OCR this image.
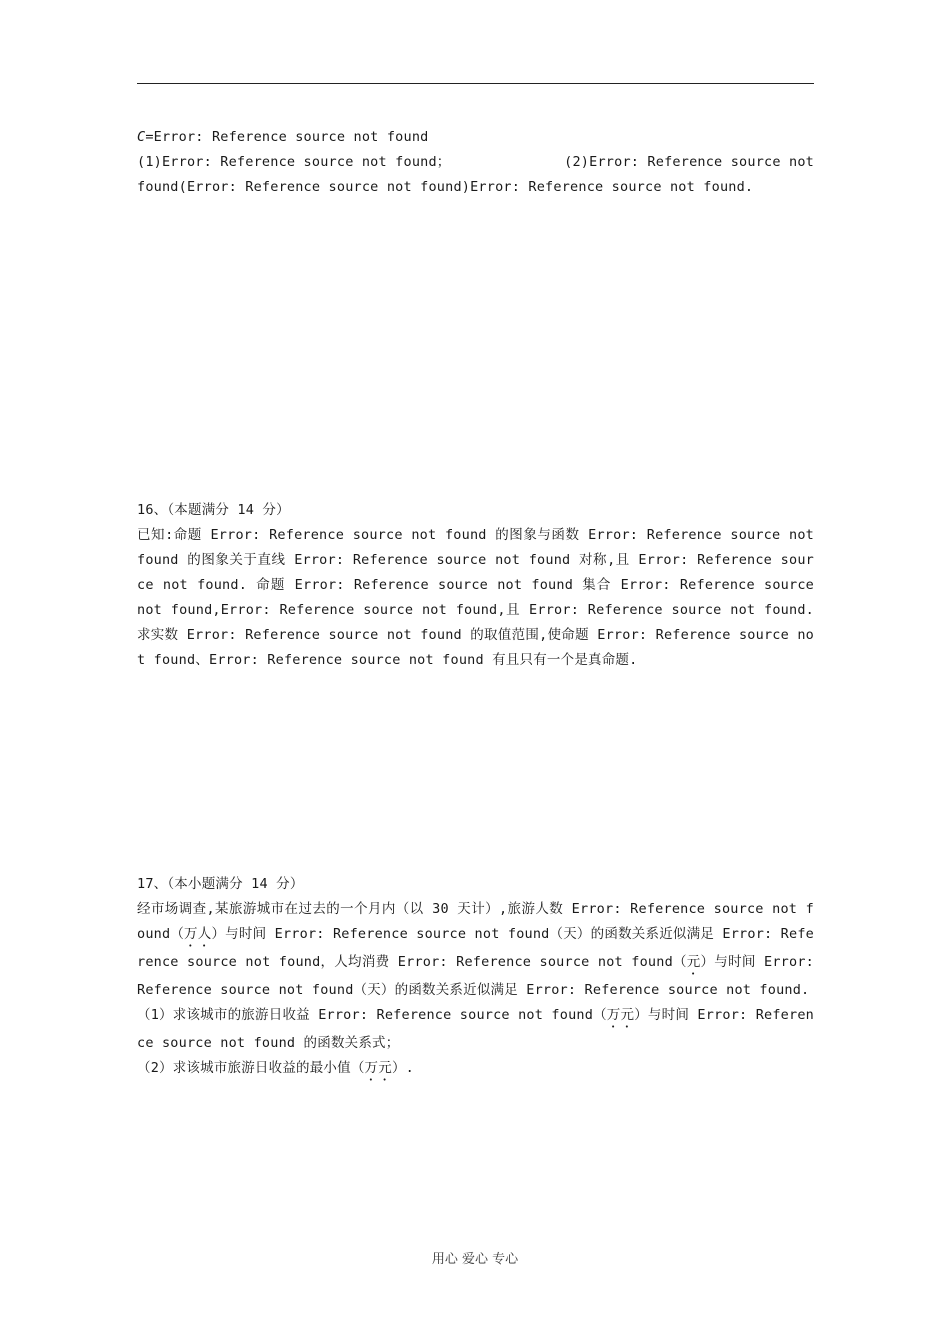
C=Error: Reference source not found

(1)Error: Reference source not found；	(2)Error: Reference source not

found(Error: Reference source not found)Error: Reference source not found.

16、（本题满分 14 分）

已知:命题 Error: Reference source not found 的图象与函数 Error: Reference source not found 的图象关于直线 Error: Reference source not found 对称,且 Error: Reference source not found. 命题 Error: Reference source not found 集合 Error: Reference source not found,Error: Reference source not found,且 Error: Reference source not found.求实数 Error: Reference source not found 的取值范围,使命题 Error: Reference source not found、Error: Reference source not found 有且只有一个是真命题.

17、（本小题满分 14 分）

经市场调查,某旅游城市在过去的一个月内（以 30 天计）,旅游人数 Error: Reference source not found（万人）与时间 Error: Reference source not found（天）的函数关系近似满足 Error: Reference source not found，人均消费 Error: Reference source not found（元）与时间 Error: Reference source not found（天）的函数关系近似满足 Error: Reference source not found.

（1）求该城市的旅游日收益 Error: Reference source not found（万元）与时间 Error: Reference source not found 的函数关系式；

（2）求该城市旅游日收益的最小值（万元）.

用心 爱心 专心
